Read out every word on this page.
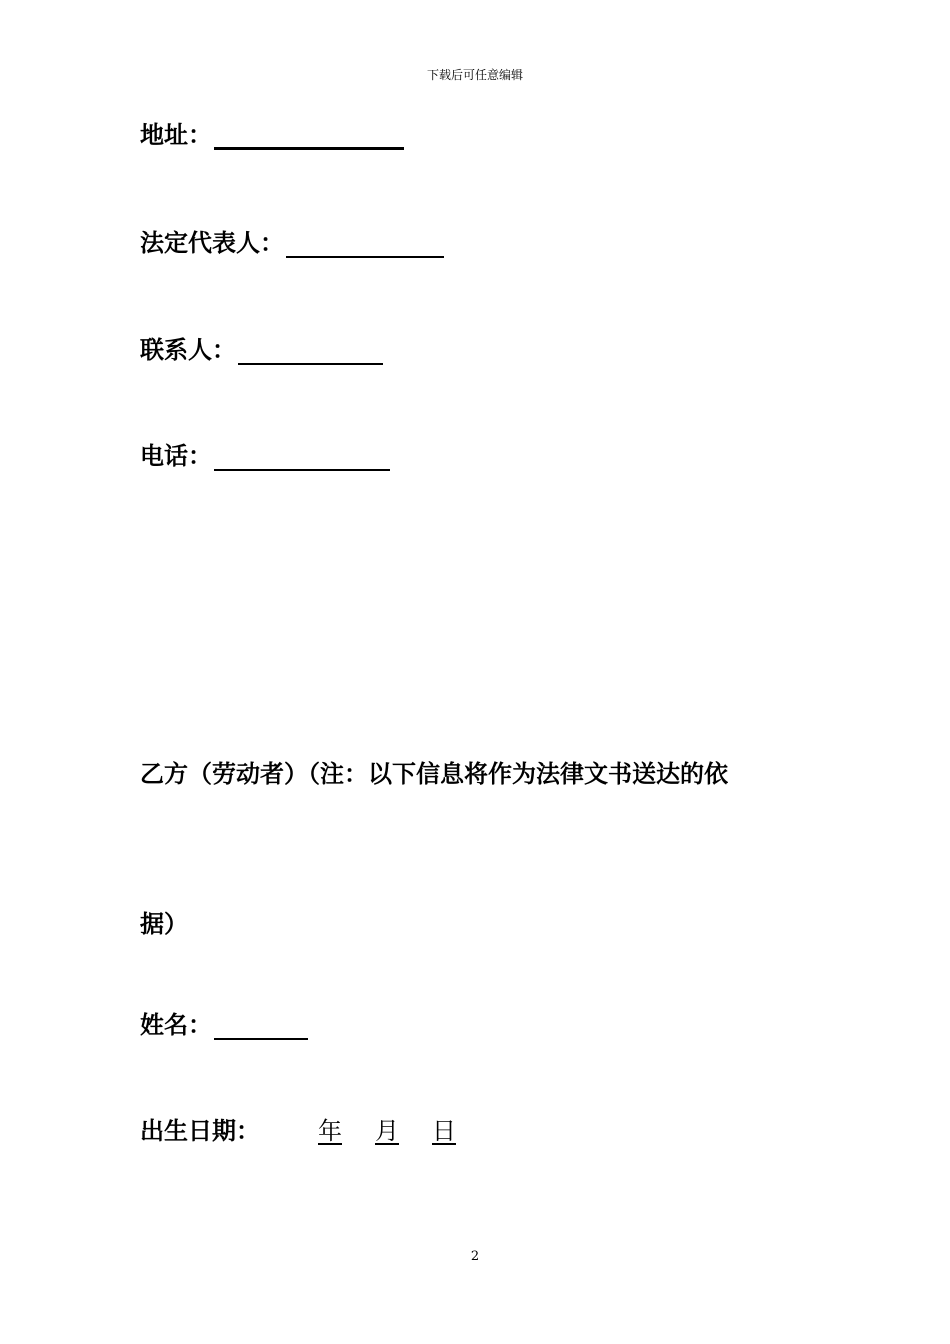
下载后可任意编辑
地址：
法定代表人：
联系人：
电话：
乙方（劳动者）（注：以下信息将作为法律文书送达的依
据）
姓名：
出生日期： 年 月 日
2
